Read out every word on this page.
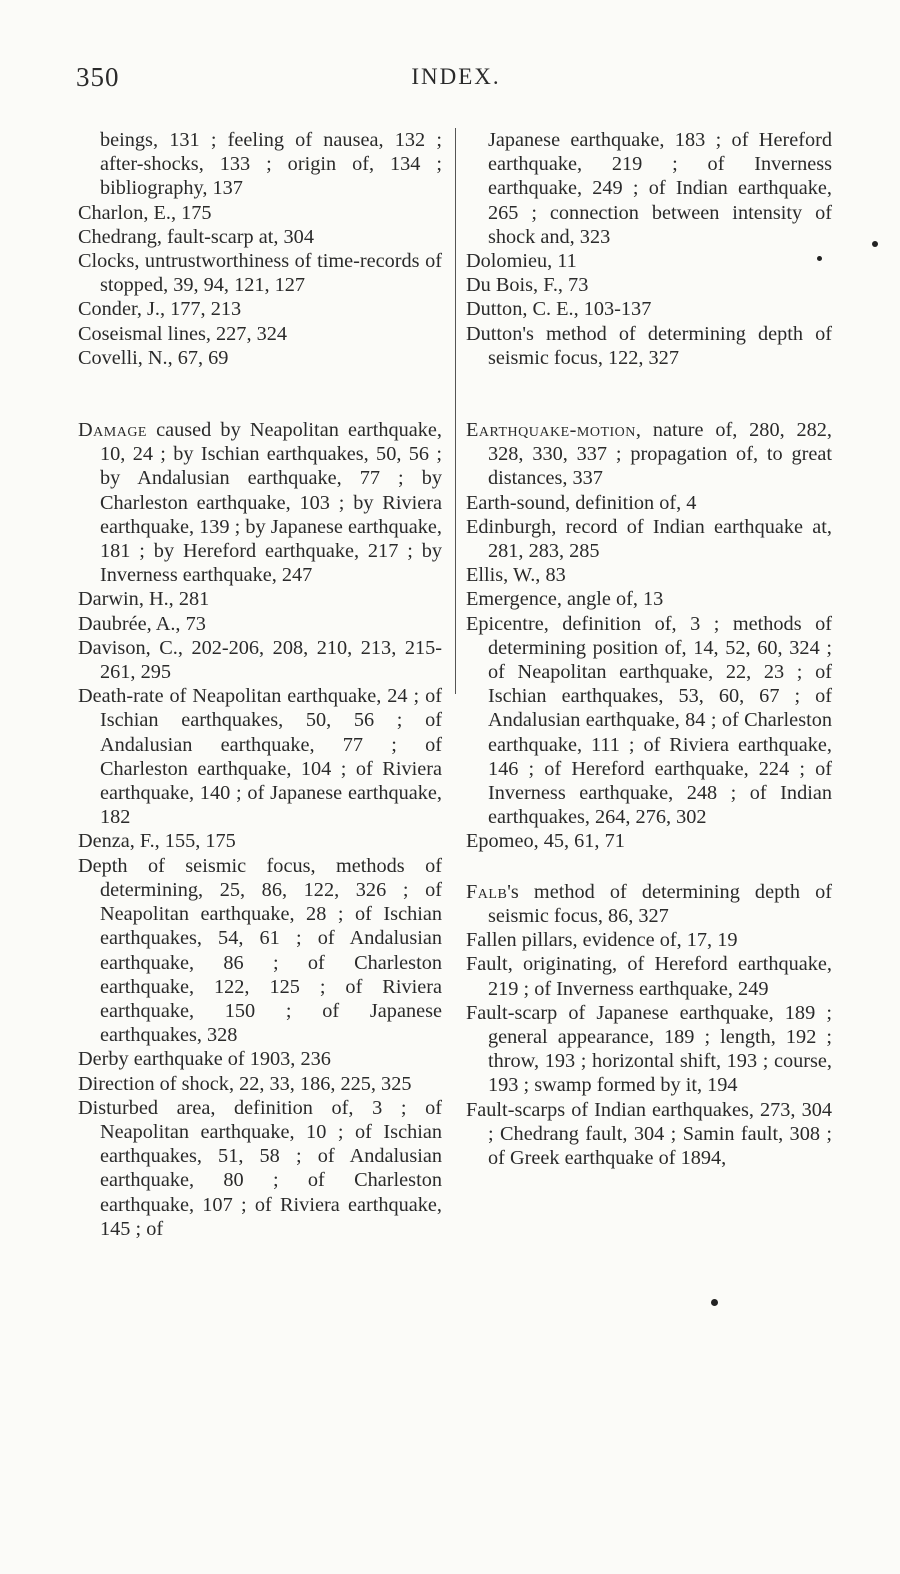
350	INDEX.
beings, 131 ; feeling of nausea, 132 ; after-shocks, 133 ; origin of, 134 ; bibliography, 137
Charlon, E., 175
Chedrang, fault-scarp at, 304
Clocks, untrustworthiness of time-records of stopped, 39, 94, 121, 127
Conder, J., 177, 213
Coseismal lines, 227, 324
Covelli, N., 67, 69
Damage caused by Neapolitan earthquake, 10, 24 ; by Ischian earthquakes, 50, 56 ; by Andalusian earthquake, 77 ; by Charleston earthquake, 103 ; by Riviera earthquake, 139 ; by Japanese earthquake, 181 ; by Hereford earthquake, 217 ; by Inverness earthquake, 247
Darwin, H., 281
Daubrée, A., 73
Davison, C., 202-206, 208, 210, 213, 215-261, 295
Death-rate of Neapolitan earthquake, 24 ; of Ischian earthquakes, 50, 56 ; of Andalusian earthquake, 77 ; of Charleston earthquake, 104 ; of Riviera earthquake, 140 ; of Japanese earthquake, 182
Denza, F., 155, 175
Depth of seismic focus, methods of determining, 25, 86, 122, 326 ; of Neapolitan earthquake, 28 ; of Ischian earthquakes, 54, 61 ; of Andalusian earthquake, 86 ; of Charleston earthquake, 122, 125 ; of Riviera earthquake, 150 ; of Japanese earthquakes, 328
Derby earthquake of 1903, 236
Direction of shock, 22, 33, 186, 225, 325
Disturbed area, definition of, 3 ; of Neapolitan earthquake, 10 ; of Ischian earthquakes, 51, 58 ; of Andalusian earthquake, 80 ; of Charleston earthquake, 107 ; of Riviera earthquake, 145 ; of
Japanese earthquake, 183 ; of Hereford earthquake, 219 ; of Inverness earthquake, 249 ; of Indian earthquake, 265 ; connection between intensity of shock and, 323
Dolomieu, 11
Du Bois, F., 73
Dutton, C. E., 103-137
Dutton's method of determining depth of seismic focus, 122, 327
Earthquake-motion, nature of, 280, 282, 328, 330, 337 ; propagation of, to great distances, 337
Earth-sound, definition of, 4
Edinburgh, record of Indian earthquake at, 281, 283, 285
Ellis, W., 83
Emergence, angle of, 13
Epicentre, definition of, 3 ; methods of determining position of, 14, 52, 60, 324 ; of Neapolitan earthquake, 22, 23 ; of Ischian earthquakes, 53, 60, 67 ; of Andalusian earthquake, 84 ; of Charleston earthquake, 111 ; of Riviera earthquake, 146 ; of Hereford earthquake, 224 ; of Inverness earthquake, 248 ; of Indian earthquakes, 264, 276, 302
Epomeo, 45, 61, 71
Falb's method of determining depth of seismic focus, 86, 327
Fallen pillars, evidence of, 17, 19
Fault, originating, of Hereford earthquake, 219 ; of Inverness earthquake, 249
Fault-scarp of Japanese earthquake, 189 ; general appearance, 189 ; length, 192 ; throw, 193 ; horizontal shift, 193 ; course, 193 ; swamp formed by it, 194
Fault-scarps of Indian earthquakes, 273, 304 ; Chedrang fault, 304 ; Samin fault, 308 ; of Greek earthquake of 1894,
